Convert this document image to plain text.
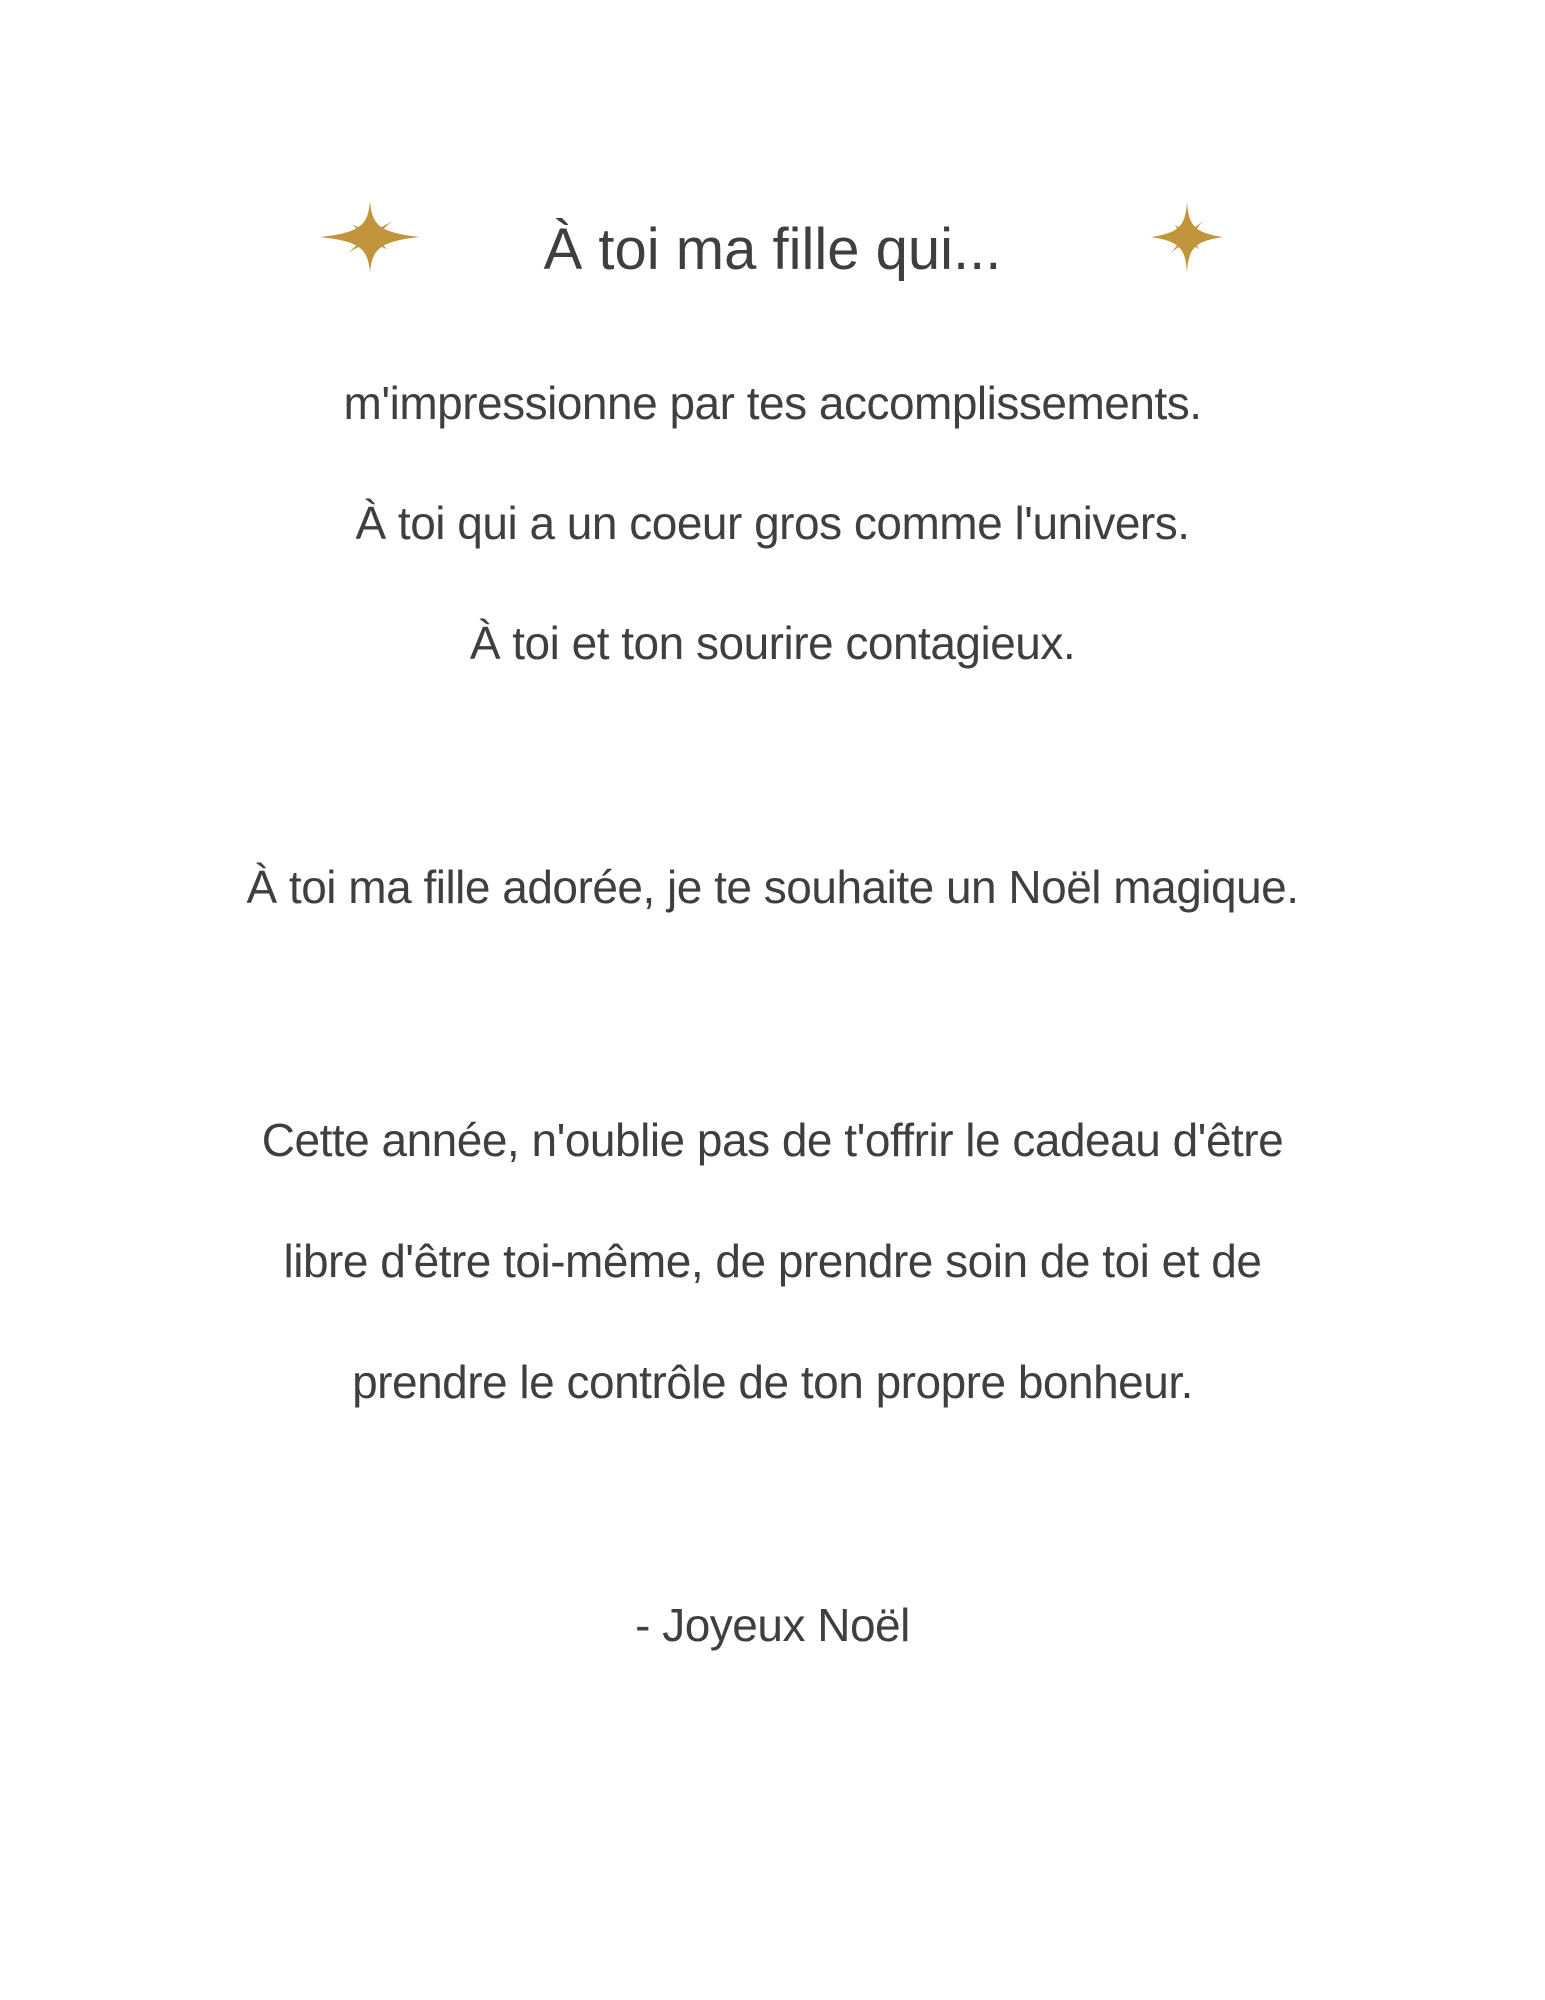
À toi ma fille qui...
m'impressionne par tes accomplissements.
À toi qui a un coeur gros comme l'univers.
À toi et ton sourire contagieux.
À toi ma fille adorée, je te souhaite un Noël magique.
Cette année, n'oublie pas de t'offrir le cadeau d'être
libre d'être toi-même, de prendre soin de toi et de
prendre le contrôle de ton propre bonheur.
- Joyeux Noël
